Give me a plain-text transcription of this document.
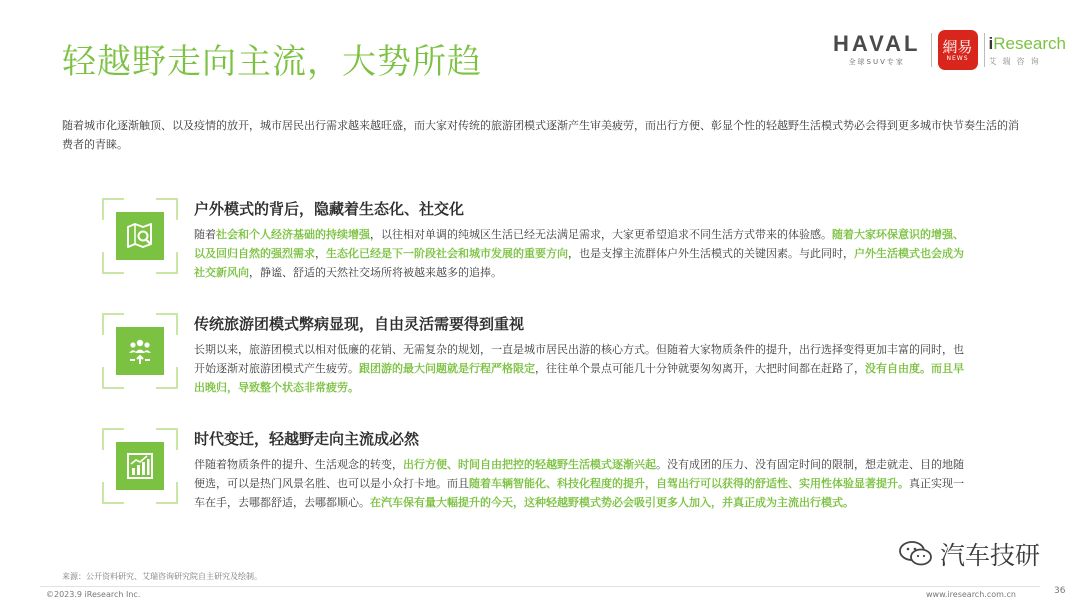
轻越野走向主流，大势所趋	HAVAL
全球SUV专家
網易
NEWS
iResearch
艾瑞咨询
随着城市化逐渐触顶、以及疫情的放开，城市居民出行需求越来越旺盛，而大家对传统的旅游团模式逐渐产生审美疲劳，而出行方便、彰显个性的轻越野生活模式势必会得到更多城市快节奏生活的消费者的青睐。
户外模式的背后，隐藏着生态化、社交化
随着社会和个人经济基础的持续增强，以往相对单调的纯城区生活已经无法满足需求，大家更希望追求不同生活方式带来的体验感。随着大家环保意识的增强、以及回归自然的强烈需求，生态化已经是下一阶段社会和城市发展的重要方向，也是支撑主流群体户外生活模式的关键因素。与此同时，户外生活模式也会成为社交新风向，静谧、舒适的天然社交场所将被越来越多的追捧。
传统旅游团模式弊病显现，自由灵活需要得到重视
长期以来，旅游团模式以相对低廉的花销、无需复杂的规划，一直是城市居民出游的核心方式。但随着大家物质条件的提升，出行选择变得更加丰富的同时，也开始逐渐对旅游团模式产生疲劳。跟团游的最大问题就是行程严格限定，往往单个景点可能几十分钟就要匆匆离开，大把时间都在赶路了，没有自由度。而且早出晚归，导致整个状态非常疲劳。
时代变迁，轻越野走向主流成必然
伴随着物质条件的提升、生活观念的转变，出行方便、时间自由把控的轻越野生活模式逐渐兴起。没有成团的压力、没有固定时间的限制，想走就走、目的地随便选，可以是热门风景名胜、也可以是小众打卡地。而且随着车辆智能化、科技化程度的提升，自驾出行可以获得的舒适性、实用性体验显著提升。真正实现一车在手，去哪都舒适，去哪都顺心。在汽车保有量大幅提升的今天，这种轻越野模式势必会吸引更多人加入，并真正成为主流出行模式。
汽车技研
来源：公开资料研究、艾瑞咨询研究院自主研究及绘制。
©2023.9 iResearch Inc.	www.iresearch.com.cn	36
